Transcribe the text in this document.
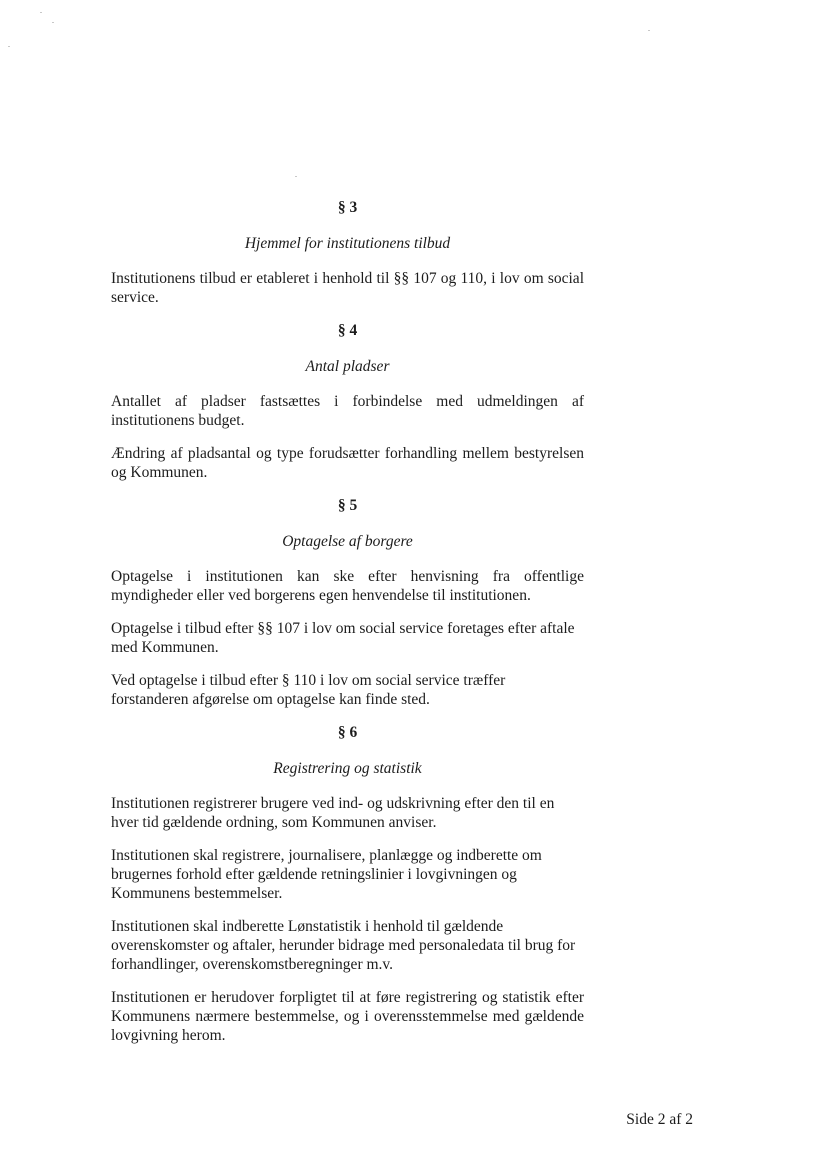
§ 3
Hjemmel for institutionens tilbud

Institutionens tilbud er etableret i henhold til §§ 107 og 110, i lov om social service.

§ 4
Antal pladser

Antallet af pladser fastsættes i forbindelse med udmeldingen af institutionens budget.

Ændring af pladsantal og type forudsætter forhandling mellem bestyrelsen og Kommunen.

§ 5
Optagelse af borgere

Optagelse i institutionen kan ske efter henvisning fra offentlige myndigheder eller ved borgerens egen henvendelse til institutionen.

Optagelse i tilbud efter §§ 107 i lov om social service foretages efter aftale med Kommunen.

Ved optagelse i tilbud efter § 110 i lov om social service træffer forstanderen afgørelse om optagelse kan finde sted.

§ 6
Registrering og statistik

Institutionen registrerer brugere ved ind- og udskrivning efter den til en hver tid gældende ordning, som Kommunen anviser.

Institutionen skal registrere, journalisere, planlægge og indberette om brugernes forhold efter gældende retningslinier i lovgivningen og Kommunens bestemmelser.

Institutionen skal indberette Lønstatistik i henhold til gældende overenskomster og aftaler, herunder bidrage med personaledata til brug for forhandlinger, overenskomstberegninger m.v.

Institutionen er herudover forpligtet til at føre registrering og statistik efter Kommunens nærmere bestemmelse, og i overensstemmelse med gældende lovgivning herom.

Side 2 af 2
